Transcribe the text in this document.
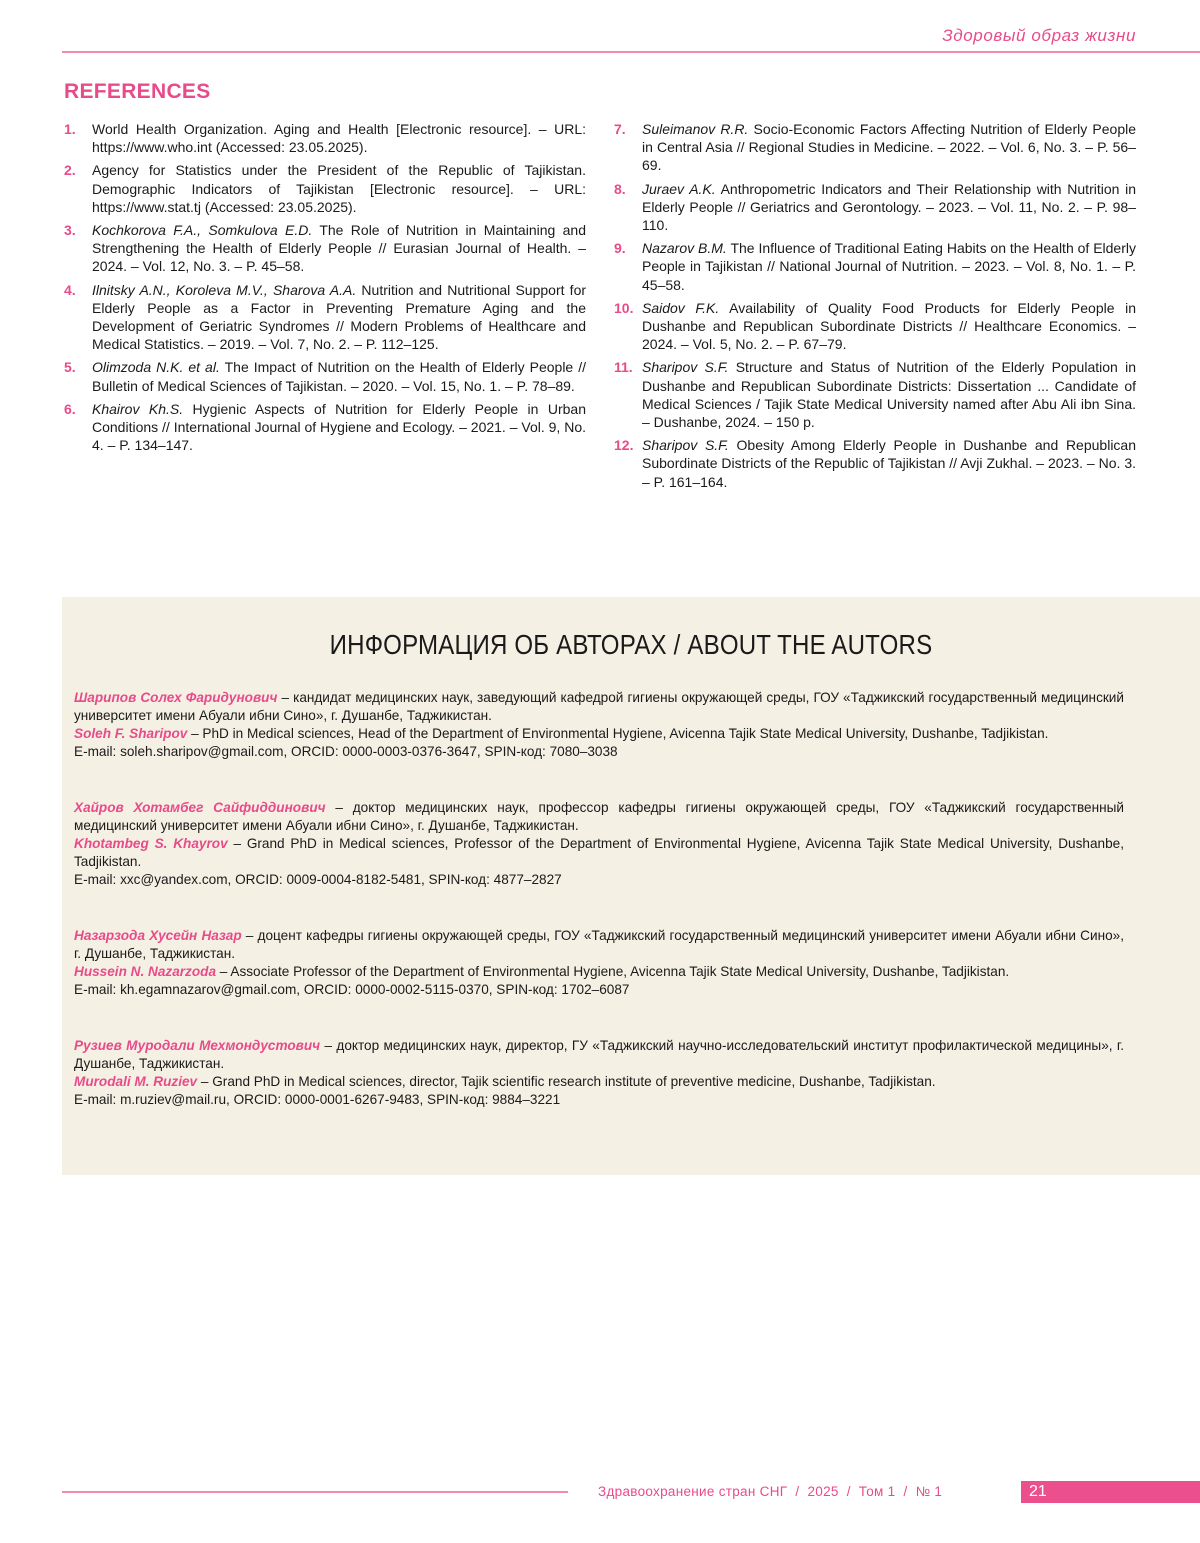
Здоровый образ жизни
REFERENCES
1.	World Health Organization. Aging and Health [Electronic resource]. – URL: https://www.who.int (Accessed: 23.05.2025).
2.	Agency for Statistics under the President of the Republic of Tajikistan. Demographic Indicators of Tajikistan [Electronic resource]. – URL: https://www.stat.tj (Accessed: 23.05.2025).
3.	Kochkorova F.A., Somkulova E.D. The Role of Nutrition in Maintaining and Strengthening the Health of Elderly People // Eurasian Journal of Health. – 2024. – Vol. 12, No. 3. – P. 45–58.
4.	Ilnitsky A.N., Koroleva M.V., Sharova A.A. Nutrition and Nutritional Support for Elderly People as a Factor in Preventing Premature Aging and the Development of Geriatric Syndromes // Modern Problems of Healthcare and Medical Statistics. – 2019. – Vol. 7, No. 2. – P. 112–125.
5.	Olimzoda N.K. et al. The Impact of Nutrition on the Health of Elderly People // Bulletin of Medical Sciences of Tajikistan. – 2020. – Vol. 15, No. 1. – P. 78–89.
6.	Khairov Kh.S. Hygienic Aspects of Nutrition for Elderly People in Urban Conditions // International Journal of Hygiene and Ecology. – 2021. – Vol. 9, No. 4. – P. 134–147.
7.	Suleimanov R.R. Socio-Economic Factors Affecting Nutrition of Elderly People in Central Asia // Regional Studies in Medicine. – 2022. – Vol. 6, No. 3. – P. 56–69.
8.	Juraev A.K. Anthropometric Indicators and Their Relationship with Nutrition in Elderly People // Geriatrics and Gerontology. – 2023. – Vol. 11, No. 2. – P. 98–110.
9.	Nazarov B.M. The Influence of Traditional Eating Habits on the Health of Elderly People in Tajikistan // National Journal of Nutrition. – 2023. – Vol. 8, No. 1. – P. 45–58.
10. Saidov F.K. Availability of Quality Food Products for Elderly People in Dushanbe and Republican Subordinate Districts // Healthcare Economics. – 2024. – Vol. 5, No. 2. – P. 67–79.
11. Sharipov S.F. Structure and Status of Nutrition of the Elderly Population in Dushanbe and Republican Subordinate Districts: Dissertation ... Candidate of Medical Sciences / Tajik State Medical University named after Abu Ali ibn Sina. – Dushanbe, 2024. – 150 p.
12. Sharipov S.F. Obesity Among Elderly People in Dushanbe and Republican Subordinate Districts of the Republic of Tajikistan // Avji Zukhal. – 2023. – No. 3. – P. 161–164.
ИНФОРМАЦИЯ ОБ АВТОРАХ / ABOUT THE AUTORS

Шарипов Солех Фаридунович – кандидат медицинских наук, заведующий кафедрой гигиены окружающей среды, ГОУ «Таджикский государственный медицинский университет имени Абуали ибни Сино», г. Душанбе, Таджикистан.

Soleh F. Sharipov – PhD in Medical sciences, Head of the Department of Environmental Hygiene, Avicenna Tajik State Medical University, Dushanbe, Tadjikistan.

E-mail: soleh.sharipov@gmail.com, ORCID: 0000-0003-0376-3647, SPIN-код: 7080–3038

Хайров Хотамбег Сайфиддинович – доктор медицинских наук, профессор кафедры гигиены окружающей среды, ГОУ «Таджикский государственный медицинский университет имени Абуали ибни Сино», г. Душанбе, Таджикистан.

Khotambeg S. Khayrov – Grand PhD in Medical sciences, Professor of the Department of Environmental Hygiene, Avicenna Tajik State Medical University, Dushanbe, Tadjikistan.

E-mail: xxc@yandex.com, ORCID: 0009-0004-8182-5481, SPIN-код: 4877–2827

Назарзода Хусейн Назар – доцент кафедры гигиены окружающей среды, ГОУ «Таджикский государственный медицинский университет имени Абуали ибни Сино», г. Душанбе, Таджикистан.

Hussein N. Nazarzoda – Associate Professor of the Department of Environmental Hygiene, Avicenna Tajik State Medical University, Dushanbe, Tadjikistan.

E-mail: kh.egamnazarov@gmail.com, ORCID: 0000-0002-5115-0370, SPIN-код: 1702–6087

Рузиев Муродали Мехмондустович – доктор медицинских наук, директор, ГУ «Таджикский научно-исследовательский институт профилактической медицины», г. Душанбе, Таджикистан.

Murodali M. Ruziev – Grand PhD in Medical sciences, director, Tajik scientific research institute of preventive medicine, Dushanbe, Tadjikistan.

E-mail: m.ruziev@mail.ru, ORCID: 0000-0001-6267-9483, SPIN-код: 9884–3221

Здравоохранение стран СНГ / 2025 / Том 1 / № 1	21
